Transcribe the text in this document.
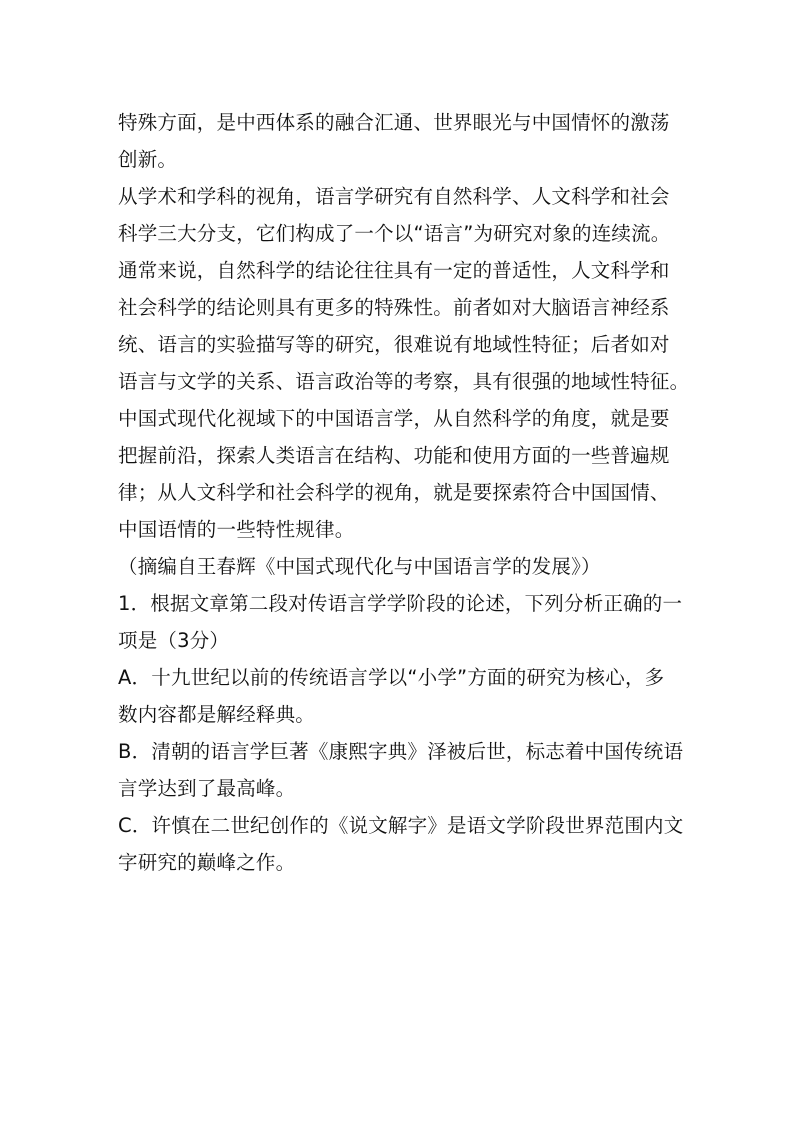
特殊方面，是中西体系的融合汇通、世界眼光与中国情怀的激荡
创新。
从学术和学科的视角，语言学研究有自然科学、人文科学和社会
科学三大分支，它们构成了一个以“语言”为研究对象的连续流。
通常来说，自然科学的结论往往具有一定的普适性，人文科学和
社会科学的结论则具有更多的特殊性。前者如对大脑语言神经系
统、语言的实验描写等的研究，很难说有地域性特征；后者如对
语言与文学的关系、语言政治等的考察，具有很强的地域性特征。
中国式现代化视域下的中国语言学，从自然科学的角度，就是要
把握前沿，探索人类语言在结构、功能和使用方面的一些普遍规
律；从人文科学和社会科学的视角，就是要探索符合中国国情、
中国语情的一些特性规律。
（摘编自王春辉《中国式现代化与中国语言学的发展》）
1．根据文章第二段对传语言学学阶段的论述，下列分析正确的一
项是（3分）
A．十九世纪以前的传统语言学以“小学”方面的研究为核心，多
数内容都是解经释典。
B．清朝的语言学巨著《康熙字典》泽被后世，标志着中国传统语
言学达到了最高峰。
C．许慎在二世纪创作的《说文解字》是语文学阶段世界范围内文
字研究的巅峰之作。
